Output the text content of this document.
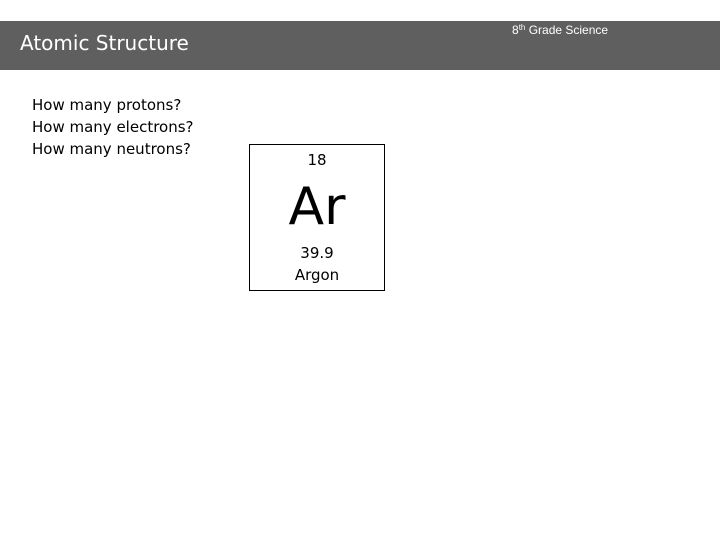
Atomic Structure
8th Grade Science
How many protons?
How many electrons?
How many neutrons?
18
Ar
39.9
Argon
